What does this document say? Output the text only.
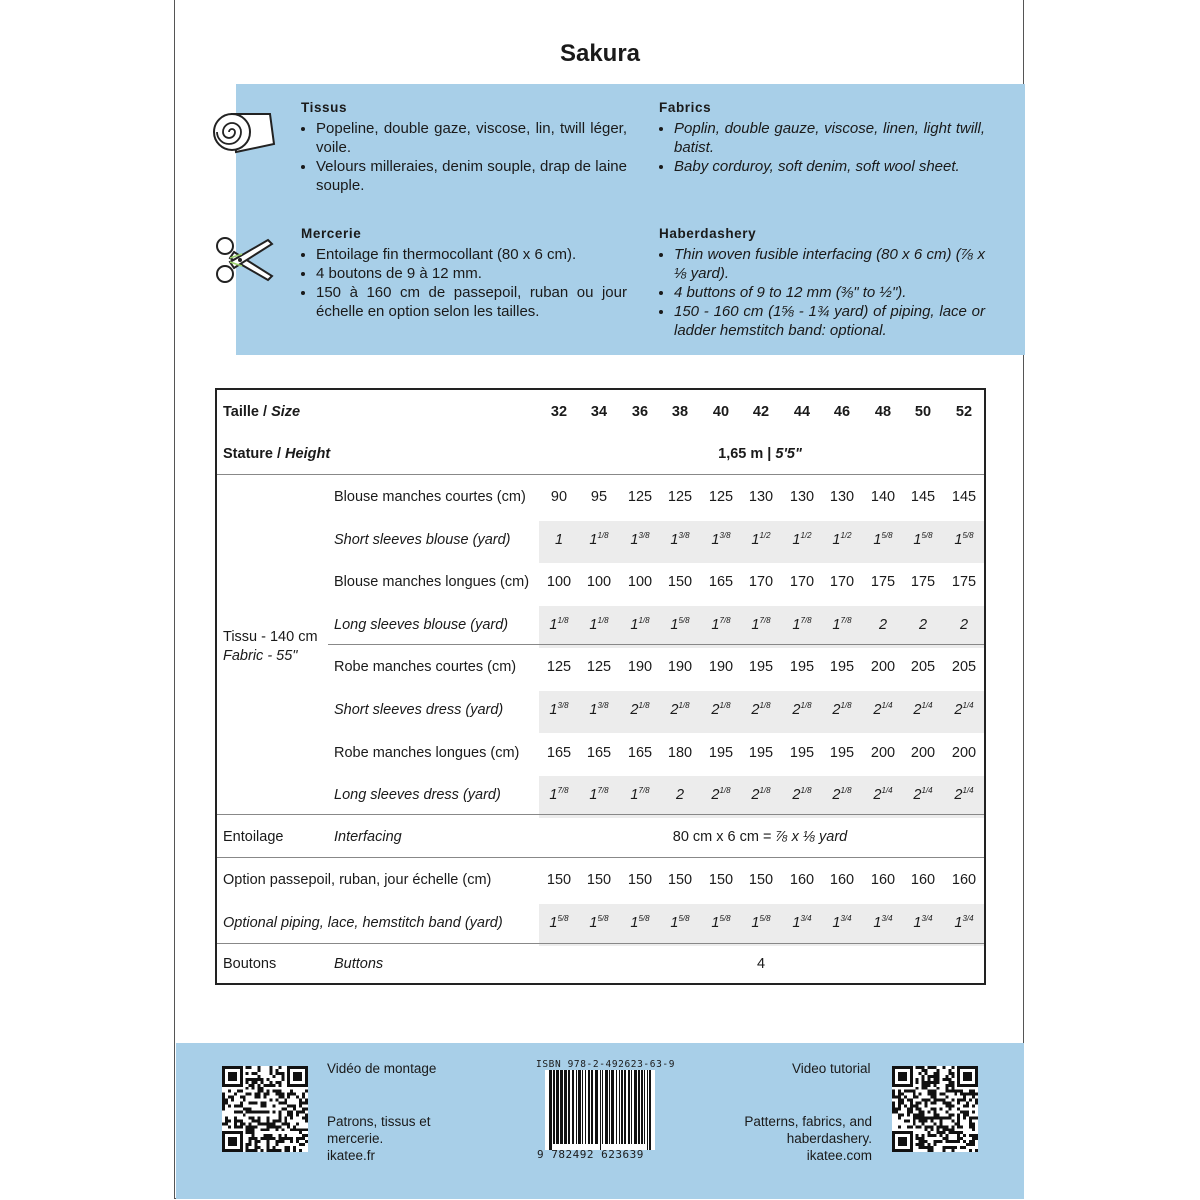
Sakura
Tissus
• Popeline, double gaze, viscose, lin, twill léger, voile.
• Velours milleraies, denim souple, drap de laine souple.
Fabrics
• Poplin, double gauze, viscose, linen, light twill, batist.
• Baby corduroy, soft denim, soft wool sheet.
Mercerie
• Entoilage fin thermocollant (80 x 6 cm).
• 4 boutons de 9 à 12 mm.
• 150 à 160 cm de passepoil, ruban ou jour échelle en option selon les tailles.
Haberdashery
• Thin woven fusible interfacing (80 x 6 cm) (⅞ x ⅛ yard).
• 4 buttons of 9 to 12 mm (⅜" to ½").
• 150 - 160 cm (1⅝ - 1¾ yard) of piping, lace or ladder hemstitch band: optional.
Taille / Size	32	34	36	38	40	42	44	46	48	50	52
Stature / Height	1,65 m | 5'5"
Tissu - 140 cm
Fabric - 55"
Blouse manches courtes (cm)	90	95	125	125	125	130	130	130	140	145	145
Short sleeves blouse (yard)	1	$1^{1/8}$	$1^{3/8}$	$1^{3/8}$	$1^{3/8}$	$1^{1/2}$	$1^{1/2}$	$1^{1/2}$	$1^{5/8}$	$1^{5/8}$	$1^{5/8}$
Blouse manches longues (cm)	100	100	100	150	165	170	170	170	175	175	175
Long sleeves blouse (yard)	$1^{1/8}$	$1^{1/8}$	$1^{1/8}$	$1^{5/8}$	$1^{7/8}$	$1^{7/8}$	$1^{7/8}$	$1^{7/8}$	2	2	2
Robe manches courtes (cm)	125	125	190	190	190	195	195	195	200	205	205
Short sleeves dress (yard)	$1^{3/8}$	$1^{3/8}$	$2^{1/8}$	$2^{1/8}$	$2^{1/8}$	$2^{1/8}$	$2^{1/8}$	$2^{1/8}$	$2^{1/4}$	$2^{1/4}$	$2^{1/4}$
Robe manches longues (cm)	165	165	165	180	195	195	195	195	200	200	200
Long sleeves dress (yard)	$1^{7/8}$	$1^{7/8}$	$1^{7/8}$	2	$2^{1/8}$	$2^{1/8}$	$2^{1/8}$	$2^{1/8}$	$2^{1/4}$	$2^{1/4}$	$2^{1/4}$
Entoilage	Interfacing	80 cm x 6 cm = ⅞ x ⅛ yard
Option passepoil, ruban, jour échelle (cm)	150	150	150	150	150	150	160	160	160	160	160
Optional piping, lace, hemstitch band (yard)	$1^{5/8}$	$1^{5/8}$	$1^{5/8}$	$1^{5/8}$	$1^{5/8}$	$1^{5/8}$	$1^{3/4}$	$1^{3/4}$	$1^{3/4}$	$1^{3/4}$	$1^{3/4}$
Boutons	Buttons	4
Vidéo de montage
Patrons, tissus et
mercerie.
ikatee.fr
ISBN 978-2-492623-63-9
9 782492 623639
Video tutorial
Patterns, fabrics, and
haberdashery.
ikatee.com
